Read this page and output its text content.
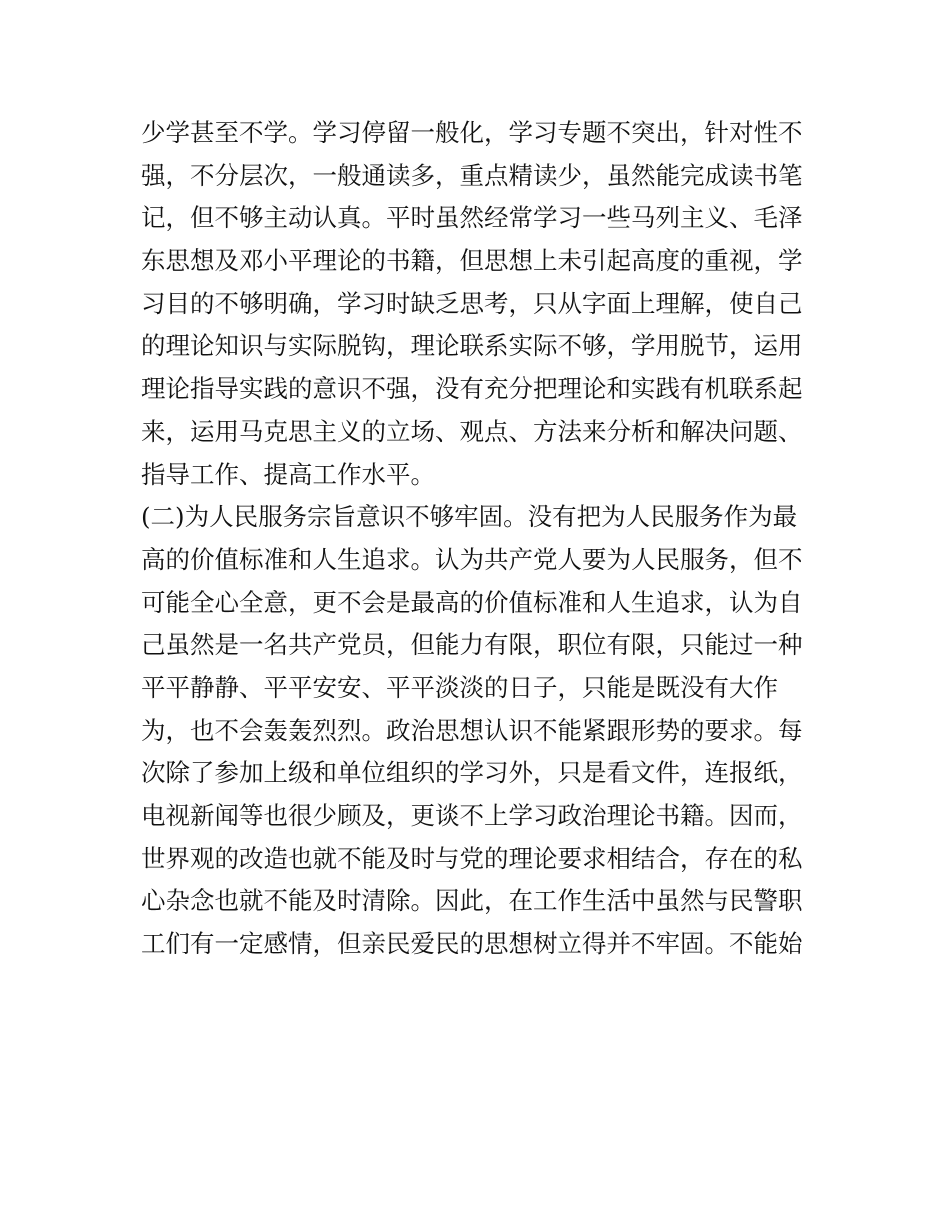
少学甚至不学。学习停留一般化，学习专题不突出，针对性不
强，不分层次，一般通读多，重点精读少，虽然能完成读书笔
记，但不够主动认真。平时虽然经常学习一些马列主义、毛泽
东思想及邓小平理论的书籍，但思想上未引起高度的重视，学
习目的不够明确，学习时缺乏思考，只从字面上理解，使自己
的理论知识与实际脱钩，理论联系实际不够，学用脱节，运用
理论指导实践的意识不强，没有充分把理论和实践有机联系起
来，运用马克思主义的立场、观点、方法来分析和解决问题、
指导工作、提高工作水平。
(二)为人民服务宗旨意识不够牢固。没有把为人民服务作为最
高的价值标准和人生追求。认为共产党人要为人民服务，但不
可能全心全意，更不会是最高的价值标准和人生追求，认为自
己虽然是一名共产党员，但能力有限，职位有限，只能过一种
平平静静、平平安安、平平淡淡的日子，只能是既没有大作
为，也不会轰轰烈烈。政治思想认识不能紧跟形势的要求。每
次除了参加上级和单位组织的学习外，只是看文件，连报纸，
电视新闻等也很少顾及，更谈不上学习政治理论书籍。因而，
世界观的改造也就不能及时与党的理论要求相结合，存在的私
心杂念也就不能及时清除。因此，在工作生活中虽然与民警职
工们有一定感情，但亲民爱民的思想树立得并不牢固。不能始
